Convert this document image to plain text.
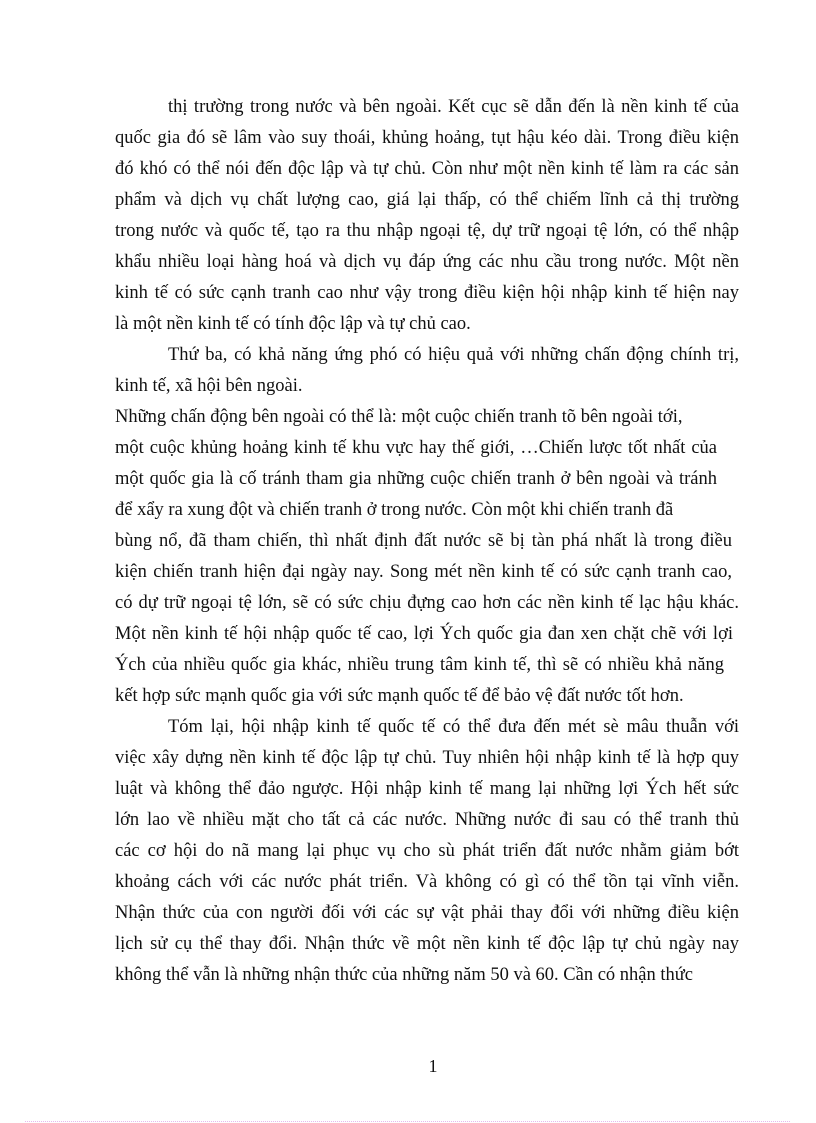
thị trường trong nước và bên ngoài. Kết cục sẽ dẫn đến là nền kinh tế của
quốc gia đó sẽ lâm vào suy thoái, khủng hoảng, tụt hậu kéo dài. Trong điều kiện
đó khó có thể nói đến độc lập và tự chủ. Còn như một nền kinh tế làm ra các sản
phẩm và dịch vụ chất lượng cao, giá lại thấp, có thể chiếm lĩnh cả thị trường
trong nước và quốc tế, tạo ra thu nhập ngoại tệ, dự trữ ngoại tệ lớn, có thể nhập
khẩu nhiều loại hàng hoá và dịch vụ đáp ứng các nhu cầu trong nước. Một nền
kinh tế có sức cạnh tranh cao như vậy trong điều kiện hội nhập kinh tế hiện nay
là một nền kinh tế có tính độc lập và tự chủ cao.
Thứ ba, có khả năng ứng phó có hiệu quả với những chấn động chính trị,
kinh tế, xã hội bên ngoài.
Những chấn động bên ngoài có thể là: một cuộc chiến tranh tõ bên ngoài tới,
một cuộc khủng hoảng kinh tế khu vực hay thế giới, …Chiến lược tốt nhất của
một quốc gia là cố tránh tham gia những cuộc chiến tranh ở bên ngoài và tránh
để xẩy ra xung đột và chiến tranh ở trong nước. Còn một khi chiến tranh đã
bùng nổ, đã tham chiến, thì nhất định đất nước sẽ bị tàn phá nhất là trong điều
kiện chiến tranh hiện đại ngày nay. Song mét nền kinh tế có sức cạnh tranh cao,
có dự trữ ngoại tệ lớn, sẽ có sức chịu đựng cao hơn các nền kinh tế lạc hậu khác.
Một nền kinh tế hội nhập quốc tế cao, lợi Ých quốc gia đan xen chặt chẽ với lợi
Ých của nhiều quốc gia khác, nhiều trung tâm kinh tế, thì sẽ có nhiều khả năng
kết hợp sức mạnh quốc gia với sức mạnh quốc tế để bảo vệ đất nước tốt hơn.
Tóm lại, hội nhập kinh tế quốc tế có thể đưa đến mét sè mâu thuẫn với
việc xây dựng nền kinh tế độc lập tự chủ. Tuy nhiên hội nhập kinh tế là hợp quy
luật và không thể đảo ngược. Hội nhập kinh tế mang lại những lợi Ých hết sức
lớn lao về nhiều mặt cho tất cả các nước. Những nước đi sau có thể tranh thủ
các cơ hội do nã mang lại phục vụ cho sù phát triển đất nước nhằm giảm bớt
khoảng cách với các nước phát triển. Và không có gì có thể tồn tại vĩnh viễn.
Nhận thức của con người đối với các sự vật phải thay đổi với những điều kiện
lịch sử cụ thể thay đổi. Nhận thức về một nền kinh tế độc lập tự chủ ngày nay
không thể vẫn là những nhận thức của những năm 50 và 60. Cần có nhận thức
1
